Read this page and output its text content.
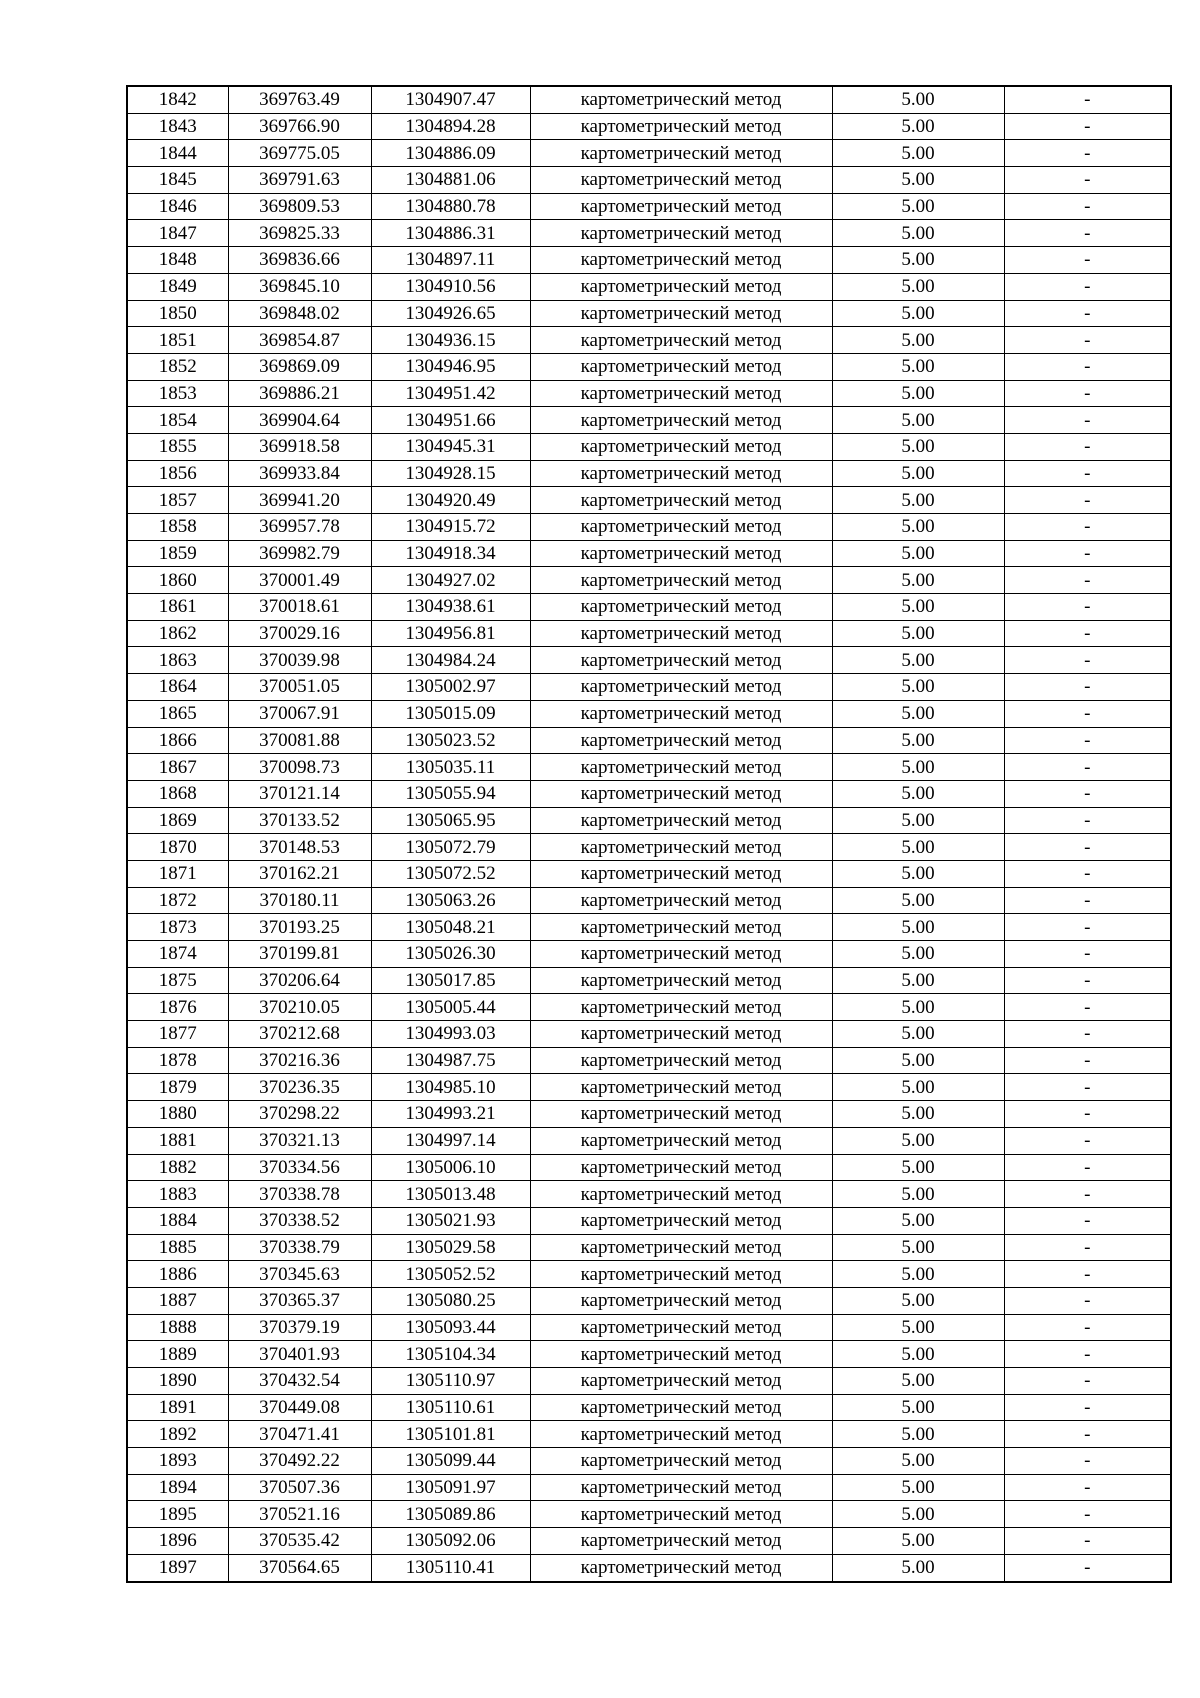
1842	369763.49	1304907.47	картометрический метод	5.00	-
1843	369766.90	1304894.28	картометрический метод	5.00	-
1844	369775.05	1304886.09	картометрический метод	5.00	-
1845	369791.63	1304881.06	картометрический метод	5.00	-
1846	369809.53	1304880.78	картометрический метод	5.00	-
1847	369825.33	1304886.31	картометрический метод	5.00	-
1848	369836.66	1304897.11	картометрический метод	5.00	-
1849	369845.10	1304910.56	картометрический метод	5.00	-
1850	369848.02	1304926.65	картометрический метод	5.00	-
1851	369854.87	1304936.15	картометрический метод	5.00	-
1852	369869.09	1304946.95	картометрический метод	5.00	-
1853	369886.21	1304951.42	картометрический метод	5.00	-
1854	369904.64	1304951.66	картометрический метод	5.00	-
1855	369918.58	1304945.31	картометрический метод	5.00	-
1856	369933.84	1304928.15	картометрический метод	5.00	-
1857	369941.20	1304920.49	картометрический метод	5.00	-
1858	369957.78	1304915.72	картометрический метод	5.00	-
1859	369982.79	1304918.34	картометрический метод	5.00	-
1860	370001.49	1304927.02	картометрический метод	5.00	-
1861	370018.61	1304938.61	картометрический метод	5.00	-
1862	370029.16	1304956.81	картометрический метод	5.00	-
1863	370039.98	1304984.24	картометрический метод	5.00	-
1864	370051.05	1305002.97	картометрический метод	5.00	-
1865	370067.91	1305015.09	картометрический метод	5.00	-
1866	370081.88	1305023.52	картометрический метод	5.00	-
1867	370098.73	1305035.11	картометрический метод	5.00	-
1868	370121.14	1305055.94	картометрический метод	5.00	-
1869	370133.52	1305065.95	картометрический метод	5.00	-
1870	370148.53	1305072.79	картометрический метод	5.00	-
1871	370162.21	1305072.52	картометрический метод	5.00	-
1872	370180.11	1305063.26	картометрический метод	5.00	-
1873	370193.25	1305048.21	картометрический метод	5.00	-
1874	370199.81	1305026.30	картометрический метод	5.00	-
1875	370206.64	1305017.85	картометрический метод	5.00	-
1876	370210.05	1305005.44	картометрический метод	5.00	-
1877	370212.68	1304993.03	картометрический метод	5.00	-
1878	370216.36	1304987.75	картометрический метод	5.00	-
1879	370236.35	1304985.10	картометрический метод	5.00	-
1880	370298.22	1304993.21	картометрический метод	5.00	-
1881	370321.13	1304997.14	картометрический метод	5.00	-
1882	370334.56	1305006.10	картометрический метод	5.00	-
1883	370338.78	1305013.48	картометрический метод	5.00	-
1884	370338.52	1305021.93	картометрический метод	5.00	-
1885	370338.79	1305029.58	картометрический метод	5.00	-
1886	370345.63	1305052.52	картометрический метод	5.00	-
1887	370365.37	1305080.25	картометрический метод	5.00	-
1888	370379.19	1305093.44	картометрический метод	5.00	-
1889	370401.93	1305104.34	картометрический метод	5.00	-
1890	370432.54	1305110.97	картометрический метод	5.00	-
1891	370449.08	1305110.61	картометрический метод	5.00	-
1892	370471.41	1305101.81	картометрический метод	5.00	-
1893	370492.22	1305099.44	картометрический метод	5.00	-
1894	370507.36	1305091.97	картометрический метод	5.00	-
1895	370521.16	1305089.86	картометрический метод	5.00	-
1896	370535.42	1305092.06	картометрический метод	5.00	-
1897	370564.65	1305110.41	картометрический метод	5.00	-
